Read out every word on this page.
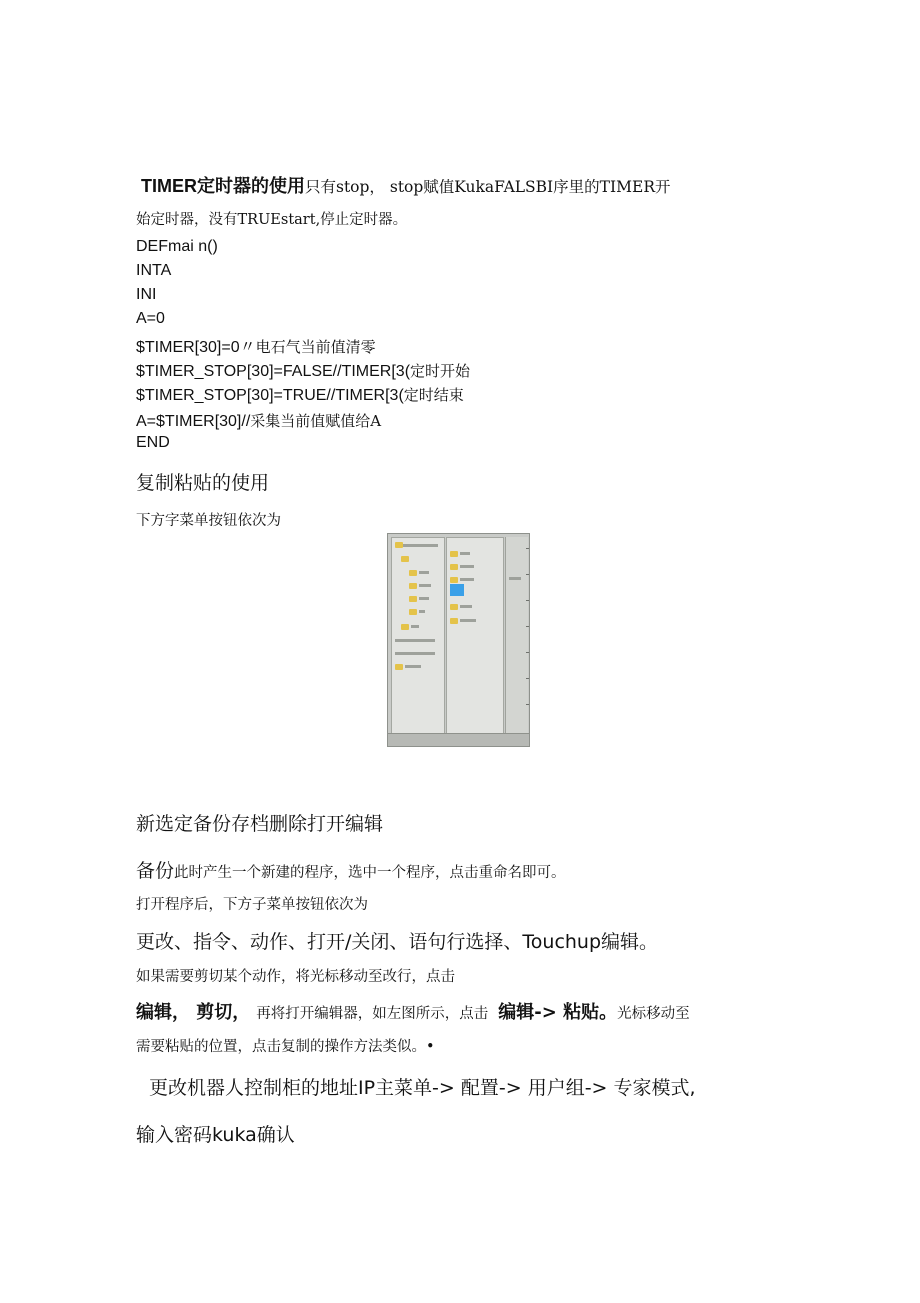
TIMER定时器的使用只有stop， stop赋值KukaFALSBI序里的TIMER开
始定时器，没有TRUEstart,停止定时器。
DEFmai n()
INTA
INI
A=0
$TIMER[30]=0〃电石气当前值清零
$TIMER_STOP[30]=FALSE//TIMER[3(定时开始
$TIMER_STOP[30]=TRUE//TIMER[3(定时结束
A=$TIMER[30]//采集当前值赋值给A
END
复制粘贴的使用
下方字菜单按钮依次为
新选定备份存档删除打开编辑
备份此时产生一个新建的程序，选中一个程序，点击重命名即可。
打开程序后，下方子菜单按钮依次为
更改、指令、动作、打开/关闭、语句行选择、Touchup编辑。
如果需要剪切某个动作，将光标移动至改行，点击
编辑， 剪切， 再将打开编辑器，如左图所示，点击 编辑-> 粘贴。光标移动至
需要粘贴的位置，点击复制的操作方法类似。•
更改机器人控制柜的地址IP主菜单-> 配置-> 用户组-> 专家模式,
输入密码kuka确认
